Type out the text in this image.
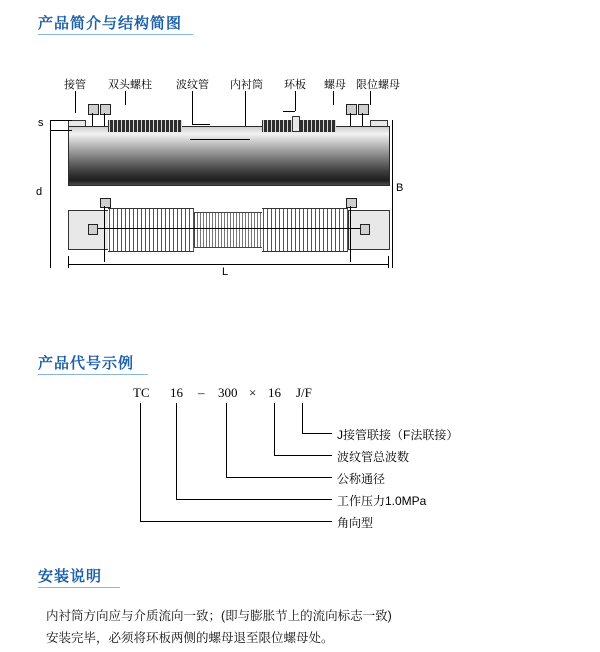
产品简介与结构简图
接管 双头螺柱 波纹管 内衬筒 环板 螺母 限位螺母
s
d	B
L
产品代号示例
TC 16 – 300 × 16 J/F
J接管联接（F法联接）
波纹管总波数
公称通径
工作压力1.0MPa
角向型
安装说明
内衬筒方向应与介质流向一致；(即与膨胀节上的流向标志一致)
安装完毕，必须将环板两侧的螺母退至限位螺母处。
